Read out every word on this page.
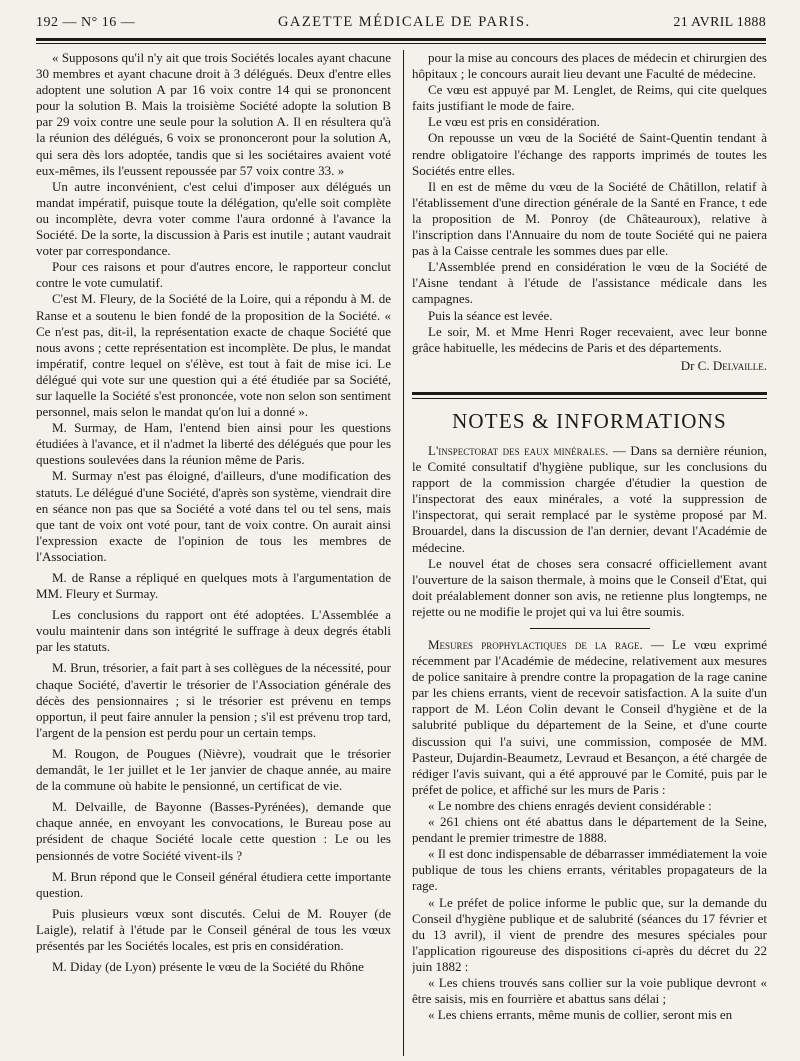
192 — N° 16 —	GAZETTE MÉDICALE DE PARIS.	21 AVRIL 1888

« Supposons qu'il n'y ait que trois Sociétés locales ayant chacune 30 membres et ayant chacune droit à 3 délégués. Deux d'entre elles adoptent une solution A par 16 voix contre 14 qui se prononcent pour la solution B. Mais la troisième Société adopte la solution B par 29 voix contre une seule pour la solution A. Il en résultera qu'à la réunion des délégués, 6 voix se prononceront pour la solution A, qui sera dès lors adoptée, tandis que si les sociétaires avaient voté eux-mêmes, ils l'eussent repoussée par 57 voix contre 33. »

Un autre inconvénient, c'est celui d'imposer aux délégués un mandat impératif, puisque toute la délégation, qu'elle soit complète ou incomplète, devra voter comme l'aura ordonné à l'avance la Société. De la sorte, la discussion à Paris est inutile ; autant vaudrait voter par correspondance.

Pour ces raisons et pour d'autres encore, le rapporteur conclut contre le vote cumulatif.

C'est M. Fleury, de la Société de la Loire, qui a répondu à M. de Ranse et a soutenu le bien fondé de la proposition de la Société. « Ce n'est pas, dit-il, la représentation exacte de chaque Société que nous avons ; cette représentation est incomplète. De plus, le mandat impératif, contre lequel on s'élève, est tout à fait de mise ici. Le délégué qui vote sur une question qui a été étudiée par sa Société, sur laquelle la Société s'est prononcée, vote non selon son sentiment personnel, mais selon le mandat qu'on lui a donné ».

M. Surmay, de Ham, l'entend bien ainsi pour les questions étudiées à l'avance, et il n'admet la liberté des délégués que pour les questions soulevées dans la réunion même de Paris.

M. Surmay n'est pas éloigné, d'ailleurs, d'une modification des statuts. Le délégué d'une Société, d'après son système, viendrait dire en séance non pas que sa Société a voté dans tel ou tel sens, mais que tant de voix ont voté pour, tant de voix contre. On aurait ainsi l'expression exacte de l'opinion de tous les membres de l'Association.

M. de Ranse a répliqué en quelques mots à l'argumentation de MM. Fleury et Surmay.

Les conclusions du rapport ont été adoptées. L'Assemblée a voulu maintenir dans son intégrité le suffrage à deux degrés établi par les statuts.

M. Brun, trésorier, a fait part à ses collègues de la nécessité, pour chaque Société, d'avertir le trésorier de l'Association générale des décès des pensionnaires ; si le trésorier est prévenu en temps opportun, il peut faire annuler la pension ; s'il est prévenu trop tard, l'argent de la pension est perdu pour un certain temps.

M. Rougon, de Pougues (Nièvre), voudrait que le trésorier demandât, le 1er juillet et le 1er janvier de chaque année, au maire de la commune où habite le pensionné, un certificat de vie.

M. Delvaille, de Bayonne (Basses-Pyrénées), demande que chaque année, en envoyant les convocations, le Bureau pose au président de chaque Société locale cette question : Le ou les pensionnés de votre Société vivent-ils ?

M. Brun répond que le Conseil général étudiera cette importante question.

Puis plusieurs vœux sont discutés. Celui de M. Rouyer (de Laigle), relatif à l'étude par le Conseil général de tous les vœux présentés par les Sociétés locales, est pris en considération.

M. Diday (de Lyon) présente le vœu de la Société du Rhône

pour la mise au concours des places de médecin et chirurgien des hôpitaux ; le concours aurait lieu devant une Faculté de médecine.

Ce vœu est appuyé par M. Lenglet, de Reims, qui cite quelques faits justifiant le mode de faire.

Le vœu est pris en considération.

On repousse un vœu de la Société de Saint-Quentin tendant à rendre obligatoire l'échange des rapports imprimés de toutes les Sociétés entre elles.

Il en est de même du vœu de la Société de Châtillon, relatif à l'établissement d'une direction générale de la Santé en France, t ede la proposition de M. Ponroy (de Châteauroux), relative à l'inscription dans l'Annuaire du nom de toute Société qui ne paiera pas à la Caisse centrale les sommes dues par elle.

L'Assemblée prend en considération le vœu de la Société de l'Aisne tendant à l'étude de l'assistance médicale dans les campagnes.

Puis la séance est levée.

Le soir, M. et Mme Henri Roger recevaient, avec leur bonne grâce habituelle, les médecins de Paris et des départements.

Dr C. Delvaille.
NOTES & INFORMATIONS

L'inspectorat des eaux minérales. — Dans sa dernière réunion, le Comité consultatif d'hygiène publique, sur les conclusions du rapport de la commission chargée d'étudier la question de l'inspectorat des eaux minérales, a voté la suppression de l'inspectorat, qui serait remplacé par le système proposé par M. Brouardel, dans la discussion de l'an dernier, devant l'Académie de médecine.

Le nouvel état de choses sera consacré officiellement avant l'ouverture de la saison thermale, à moins que le Conseil d'Etat, qui doit préalablement donner son avis, ne retienne plus longtemps, ne rejette ou ne modifie le projet qui va lui être soumis.

Mesures prophylactiques de la rage. — Le vœu exprimé récemment par l'Académie de médecine, relativement aux mesures de police sanitaire à prendre contre la propagation de la rage canine par les chiens errants, vient de recevoir satisfaction. A la suite d'un rapport de M. Léon Colin devant le Conseil d'hygiène et de la salubrité publique du département de la Seine, et d'une courte discussion qui l'a suivi, une commission, composée de MM. Pasteur, Dujardin-Beaumetz, Levraud et Besançon, a été chargée de rédiger l'avis suivant, qui a été approuvé par le Comité, puis par le préfet de police, et affiché sur les murs de Paris :

« Le nombre des chiens enragés devient considérable :

« 261 chiens ont été abattus dans le département de la Seine, pendant le premier trimestre de 1888.

« Il est donc indispensable de débarrasser immédiatement la voie publique de tous les chiens errants, véritables propagateurs de la rage.

« Le préfet de police informe le public que, sur la demande du Conseil d'hygiène publique et de salubrité (séances du 17 février et du 13 avril), il vient de prendre des mesures spéciales pour l'application rigoureuse des dispositions ci-après du décret du 22 juin 1882 :

« Les chiens trouvés sans collier sur la voie publique devront « être saisis, mis en fourrière et abattus sans délai ;

« Les chiens errants, même munis de collier, seront mis en
